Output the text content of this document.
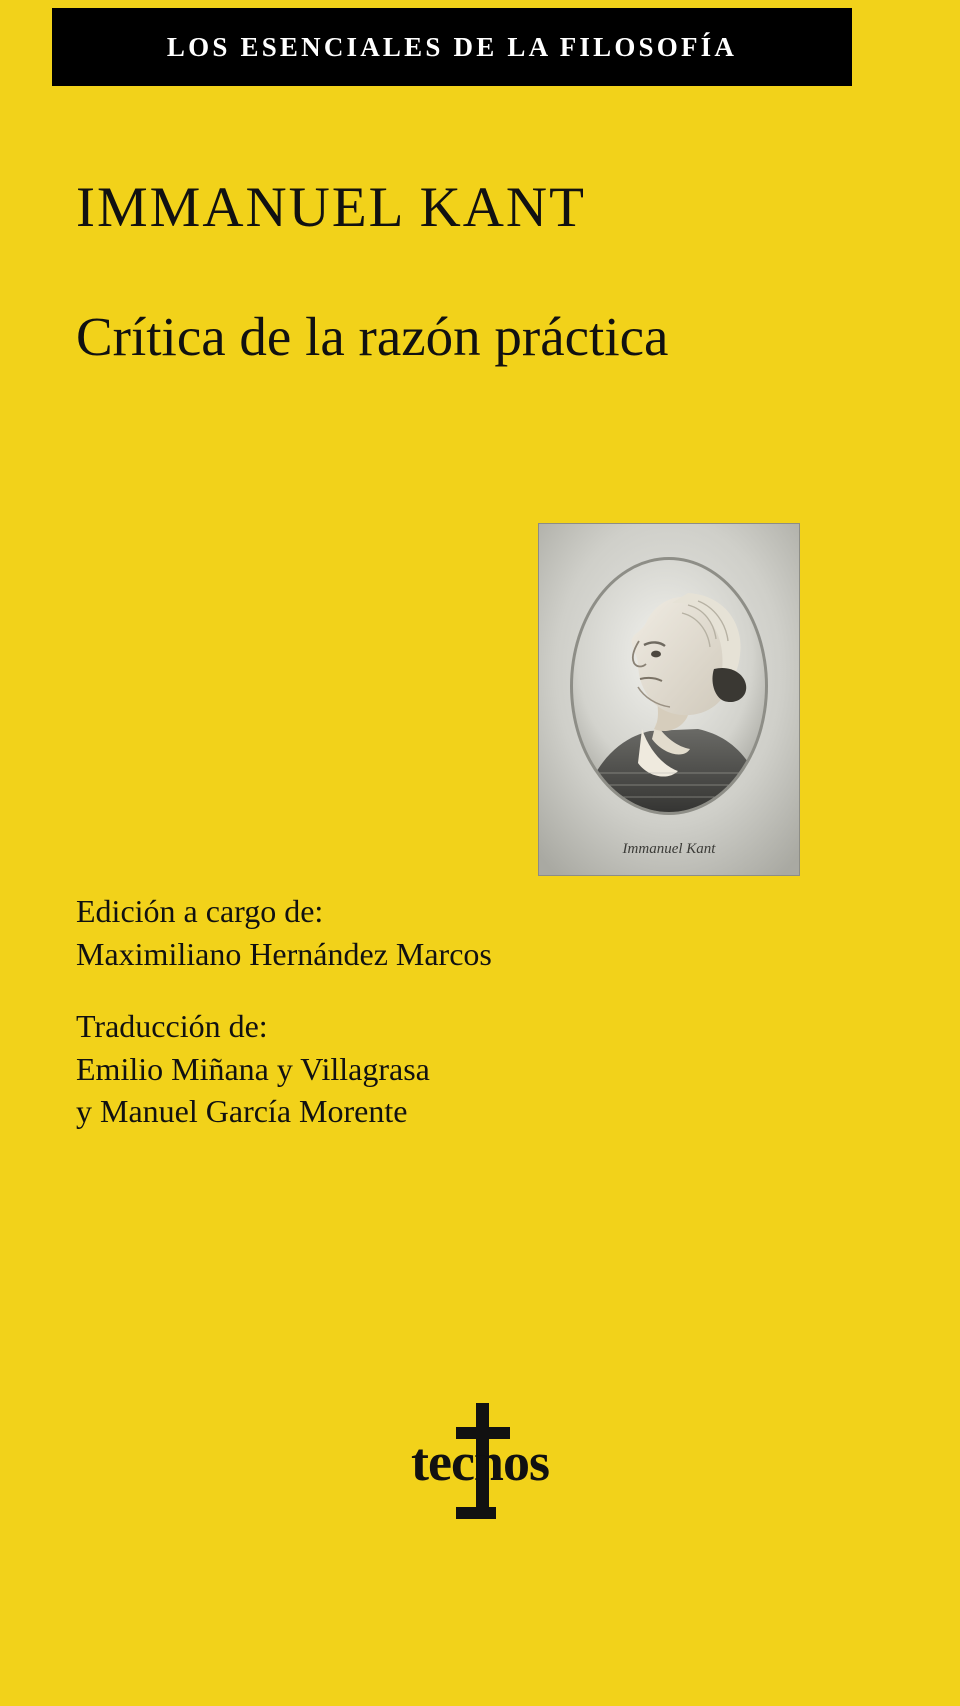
LOS ESENCIALES DE LA FILOSOFÍA
IMMANUEL KANT
Crítica de la razón práctica
Immanuel Kant
Edición a cargo de:
Maximiliano Hernández Marcos
Traducción de:
Emilio Miñana y Villagrasa
y Manuel García Morente
tecnos
